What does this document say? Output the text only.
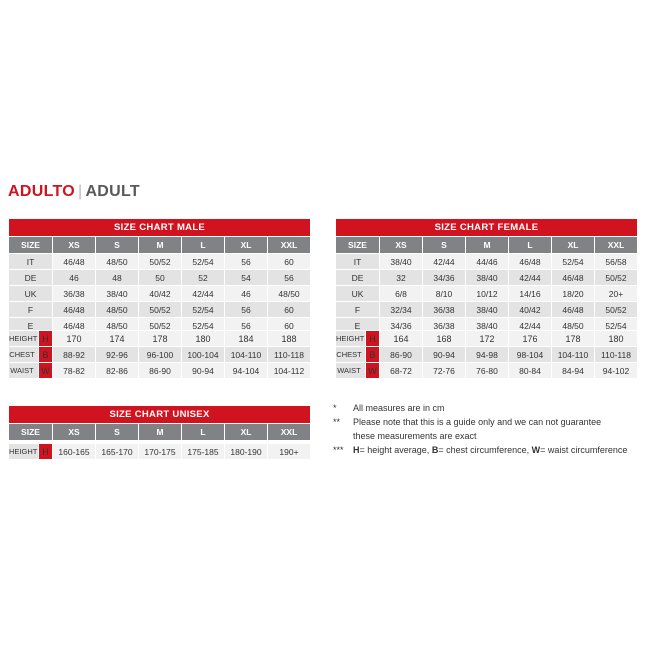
ADULTO | ADULT
SIZE CHART MALE						
SIZE	XS	S	M	L	XL	XXL
IT	46/48	48/50	50/52	52/54	56	60
DE	46	48	50	52	54	56
UK	36/38	38/40	40/42	42/44	46	48/50
F	46/48	48/50	50/52	52/54	56	60
E	46/48	48/50	50/52	52/54	56	60
HEIGHT	H	170	174	178	180	184	188
CHEST	B	88-92	92-96	96-100	100-104	104-110	110-118
WAIST	W	78-82	82-86	86-90	90-94	94-104	104-112
SIZE CHART FEMALE						
SIZE	XS	S	M	L	XL	XXL
IT	38/40	42/44	44/46	46/48	52/54	56/58
DE	32	34/36	38/40	42/44	46/48	50/52
UK	6/8	8/10	10/12	14/16	18/20	20+
F	32/34	36/38	38/40	40/42	46/48	50/52
E	34/36	36/38	38/40	42/44	48/50	52/54
HEIGHT	H	164	168	172	176	178	180
CHEST	B	86-90	90-94	94-98	98-104	104-110	110-118
WAIST	W	68-72	72-76	76-80	80-84	84-94	94-102
SIZE CHART UNISEX
SIZE	XS	S	M	L	XL	XXL
HEIGHT	H	160-165	165-170	170-175	175-185	180-190	190+
*	All measures are in cm
**	Please note that this is a guide only and we can not guarantee
these measurements are exact
***	H= height average, B= chest circumference, W= waist circumference
